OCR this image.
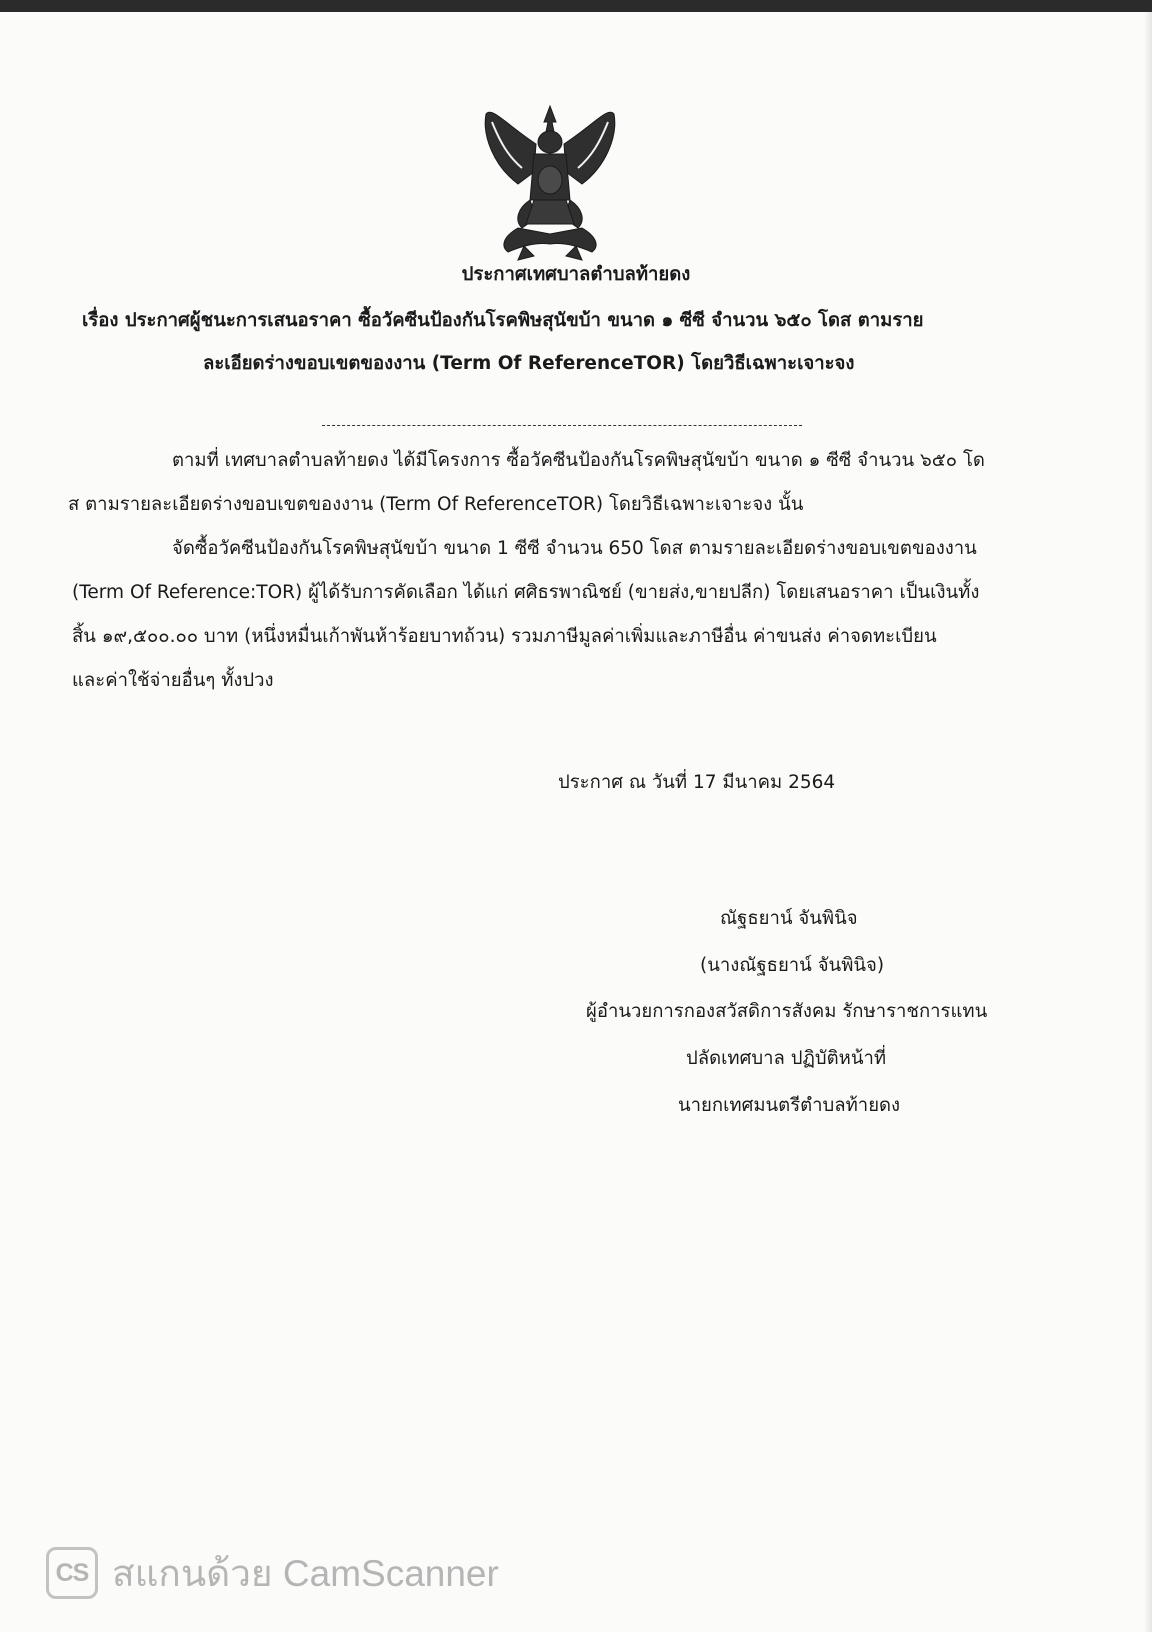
ประกาศเทศบาลตำบลท้ายดง
เรื่อง ประกาศผู้ชนะการเสนอราคา ซื้อวัคซีนป้องกันโรคพิษสุนัขบ้า ขนาด ๑ ซีซี จำนวน ๖๕๐ โดส ตามราย
ละเอียดร่างขอบเขตของงาน (Term Of ReferenceTOR) โดยวิธีเฉพาะเจาะจง
ตามที่ เทศบาลตำบลท้ายดง ได้มีโครงการ ซื้อวัคซีนป้องกันโรคพิษสุนัขบ้า ขนาด ๑ ซีซี จำนวน ๖๕๐ โด
ส ตามรายละเอียดร่างขอบเขตของงาน (Term Of ReferenceTOR) โดยวิธีเฉพาะเจาะจง นั้น
จัดซื้อวัคซีนป้องกันโรคพิษสุนัขบ้า ขนาด 1 ซีซี จำนวน 650 โดส ตามรายละเอียดร่างขอบเขตของงาน
(Term Of Reference:TOR) ผู้ได้รับการคัดเลือก ได้แก่ ศศิธรพาณิชย์ (ขายส่ง,ขายปลีก) โดยเสนอราคา เป็นเงินทั้ง
สิ้น ๑๙,๕๐๐.๐๐ บาท (หนึ่งหมื่นเก้าพันห้าร้อยบาทถ้วน) รวมภาษีมูลค่าเพิ่มและภาษีอื่น ค่าขนส่ง ค่าจดทะเบียน
และค่าใช้จ่ายอื่นๆ ทั้งปวง
ประกาศ ณ วันที่ 17 มีนาคม 2564
ณัฐธยาน์ จันพินิจ
(นางณัฐธยาน์ จันพินิจ)
ผู้อำนวยการกองสวัสดิการสังคม รักษาราชการแทน
ปลัดเทศบาล ปฏิบัติหน้าที่
นายกเทศมนตรีตำบลท้ายดง
CS สแกนด้วย CamScanner
